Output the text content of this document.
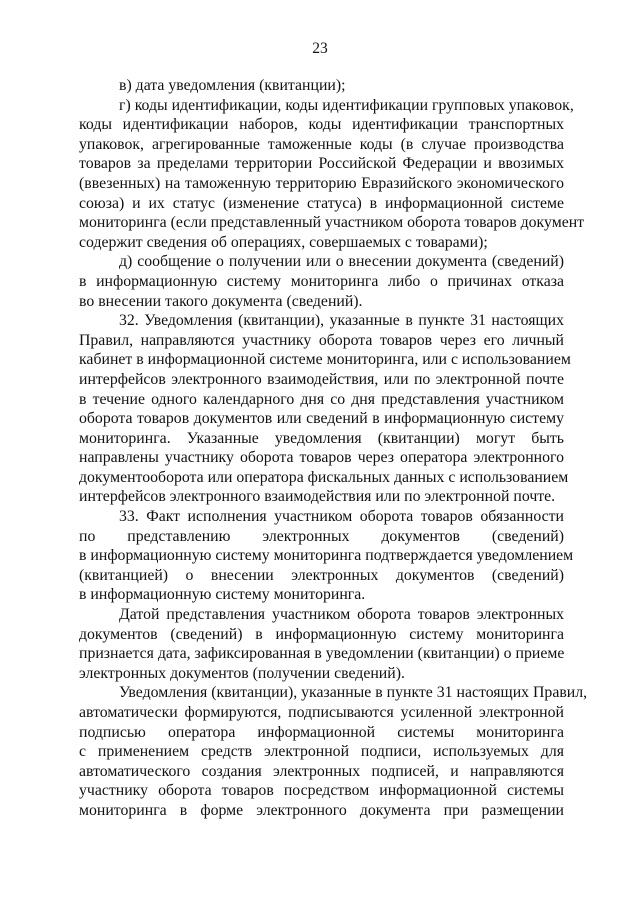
23
в) дата уведомления (квитанции);
г) коды идентификации, коды идентификации групповых упаковок,
коды идентификации наборов, коды идентификации транспортных
упаковок, агрегированные таможенные коды (в случае производства
товаров за пределами территории Российской Федерации и ввозимых
(ввезенных) на таможенную территорию Евразийского экономического
союза) и их статус (изменение статуса) в информационной системе
мониторинга (если представленный участником оборота товаров документ
содержит сведения об операциях, совершаемых с товарами);
д) сообщение о получении или о внесении документа (сведений)
в информационную систему мониторинга либо о причинах отказа
во внесении такого документа (сведений).
32. Уведомления (квитанции), указанные в пункте 31 настоящих
Правил, направляются участнику оборота товаров через его личный
кабинет в информационной системе мониторинга, или с использованием
интерфейсов электронного взаимодействия, или по электронной почте
в течение одного календарного дня со дня представления участником
оборота товаров документов или сведений в информационную систему
мониторинга. Указанные уведомления (квитанции) могут быть
направлены участнику оборота товаров через оператора электронного
документооборота или оператора фискальных данных с использованием
интерфейсов электронного взаимодействия или по электронной почте.
33. Факт исполнения участником оборота товаров обязанности
по представлению электронных документов (сведений)
в информационную систему мониторинга подтверждается уведомлением
(квитанцией) о внесении электронных документов (сведений)
в информационную систему мониторинга.
Датой представления участником оборота товаров электронных
документов (сведений) в информационную систему мониторинга
признается дата, зафиксированная в уведомлении (квитанции) о приеме
электронных документов (получении сведений).
Уведомления (квитанции), указанные в пункте 31 настоящих Правил,
автоматически формируются, подписываются усиленной электронной
подписью оператора информационной системы мониторинга
с применением средств электронной подписи, используемых для
автоматического создания электронных подписей, и направляются
участнику оборота товаров посредством информационной системы
мониторинга в форме электронного документа при размещении
